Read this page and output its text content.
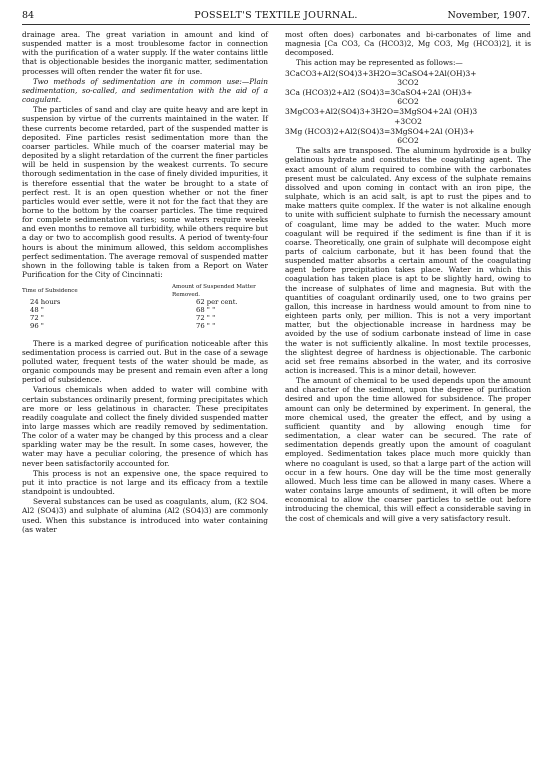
84	POSSELT'S TEXTILE JOURNAL.	November, 1907.

drainage area. The great variation in amount and kind of suspended matter is a most troublesome factor in connection with the purification of a water supply. If the water contains little that is objectionable besides the inorganic matter, sedimentation processes will often render the water fit for use.

Two methods of sedimentation are in common use:—Plain sedimentation, so-called, and sedimentation with the aid of a coagulant.

The particles of sand and clay are quite heavy and are kept in suspension by virtue of the currents maintained in the water. If these currents become retarded, part of the suspended matter is deposited. Fine particles resist sedimentation more than the coarser particles. While much of the coarser material may be deposited by a slight retardation of the current the finer particles will be held in suspension by the weakest currents. To secure thorough sedimentation in the case of finely divided impurities, it is therefore essential that the water be brought to a state of perfect rest. It is an open question whether or not the finer particles would ever settle, were it not for the fact that they are borne to the bottom by the coarser particles. The time required for complete sedimentation varies; some waters require weeks and even months to remove all turbidity, while others require but a day or two to accomplish good results. A period of twenty-four hours is about the minimum allowed, this seldom accomplishes perfect sedimentation. The average removal of suspended matter shown in the following table is taken from a Report on Water Purification for the City of Cincinnati:

Time of Subsidence	Amount of Suspended Matter Removed.
24 hours	62 per cent.
48 "	68 " "
72 "	72 " "
96 "	76 " "

There is a marked degree of purification noticeable after this sedimentation process is carried out. But in the case of a sewage polluted water, frequent tests of the water should be made, as organic compounds may be present and remain even after a long period of subsidence.

Various chemicals when added to water will combine with certain substances ordinarily present, forming precipitates which are more or less gelatinous in character. These precipitates readily coagulate and collect the finely divided suspended matter into large masses which are readily removed by sedimentation. The color of a water may be changed by this process and a clear sparkling water may be the result. In some cases, however, the water may have a peculiar coloring, the presence of which has never been satisfactorily accounted for.

This process is not an expensive one, the space required to put it into practice is not large and its efficacy from a textile standpoint is undoubted.

Several substances can be used as coagulants, alum, (K2 SO4. Al2 (SO4)3) and sulphate of alumina (Al2 (SO4)3) are commonly used. When this substance is introduced into water containing (as water

most often does) carbonates and bi-carbonates of lime and magnesia [Ca CO3, Ca (HCO3)2, Mg CO3, Mg (HCO3)2], it is decomposed.

This action may be represented as follows:—

3CaCO3+Al2(SO4)3+3H2O=3CaSO4+2Al(OH)3+
3CO2
3Ca (HCO3)2+Al2 (SO4)3=3CaSO4+2Al (OH)3+
6CO2
3MgCO3+Al2(SO4)3+3H2O=3MgSO4+2Al (OH)3
+3CO2
3Mg (HCO3)2+Al2(SO4)3=3MgSO4+2Al (OH)3+
6CO2

The salts are transposed. The aluminum hydroxide is a bulky gelatinous hydrate and constitutes the coagulating agent. The exact amount of alum required to combine with the carbonates present must be calculated. Any excess of the sulphate remains dissolved and upon coming in contact with an iron pipe, the sulphate, which is an acid salt, is apt to rust the pipes and to make matters quite complex. If the water is not alkaline enough to unite with sufficient sulphate to furnish the necessary amount of coagulant, lime may be added to the water. Much more coagulant will be required if the sediment is fine than if it is coarse. Theoretically, one grain of sulphate will decompose eight parts of calcium carbonate, but it has been found that the suspended matter absorbs a certain amount of the coagulating agent before precipitation takes place. Water in which this coagulation has taken place is apt to be slightly hard, owing to the increase of sulphates of lime and magnesia. But with the quantities of coagulant ordinarily used, one to two grains per gallon, this increase in hardness would amount to from nine to eighteen parts only, per million. This is not a very important matter, but the objectionable increase in hardness may be avoided by the use of sodium carbonate instead of lime in case the water is not sufficiently alkaline. In most textile processes, the slightest degree of hardness is objectionable. The carbonic acid set free remains absorbed in the water, and its corrosive action is increased. This is a minor detail, however.

The amount of chemical to be used depends upon the amount and character of the sediment, upon the degree of purification desired and upon the time allowed for subsidence. The proper amount can only be determined by experiment. In general, the more chemical used, the greater the effect, and by using a sufficient quantity and by allowing enough time for sedimentation, a clear water can be secured. The rate of sedimentation depends greatly upon the amount of coagulant employed. Sedimentation takes place much more quickly than where no coagulant is used, so that a large part of the action will occur in a few hours. One day will be the time most generally allowed. Much less time can be allowed in many cases. Where a water contains large amounts of sediment, it will often be more economical to allow the coarser particles to settle out before introducing the chemical, this will effect a considerable saving in the cost of chemicals and will give a very satisfactory result.
